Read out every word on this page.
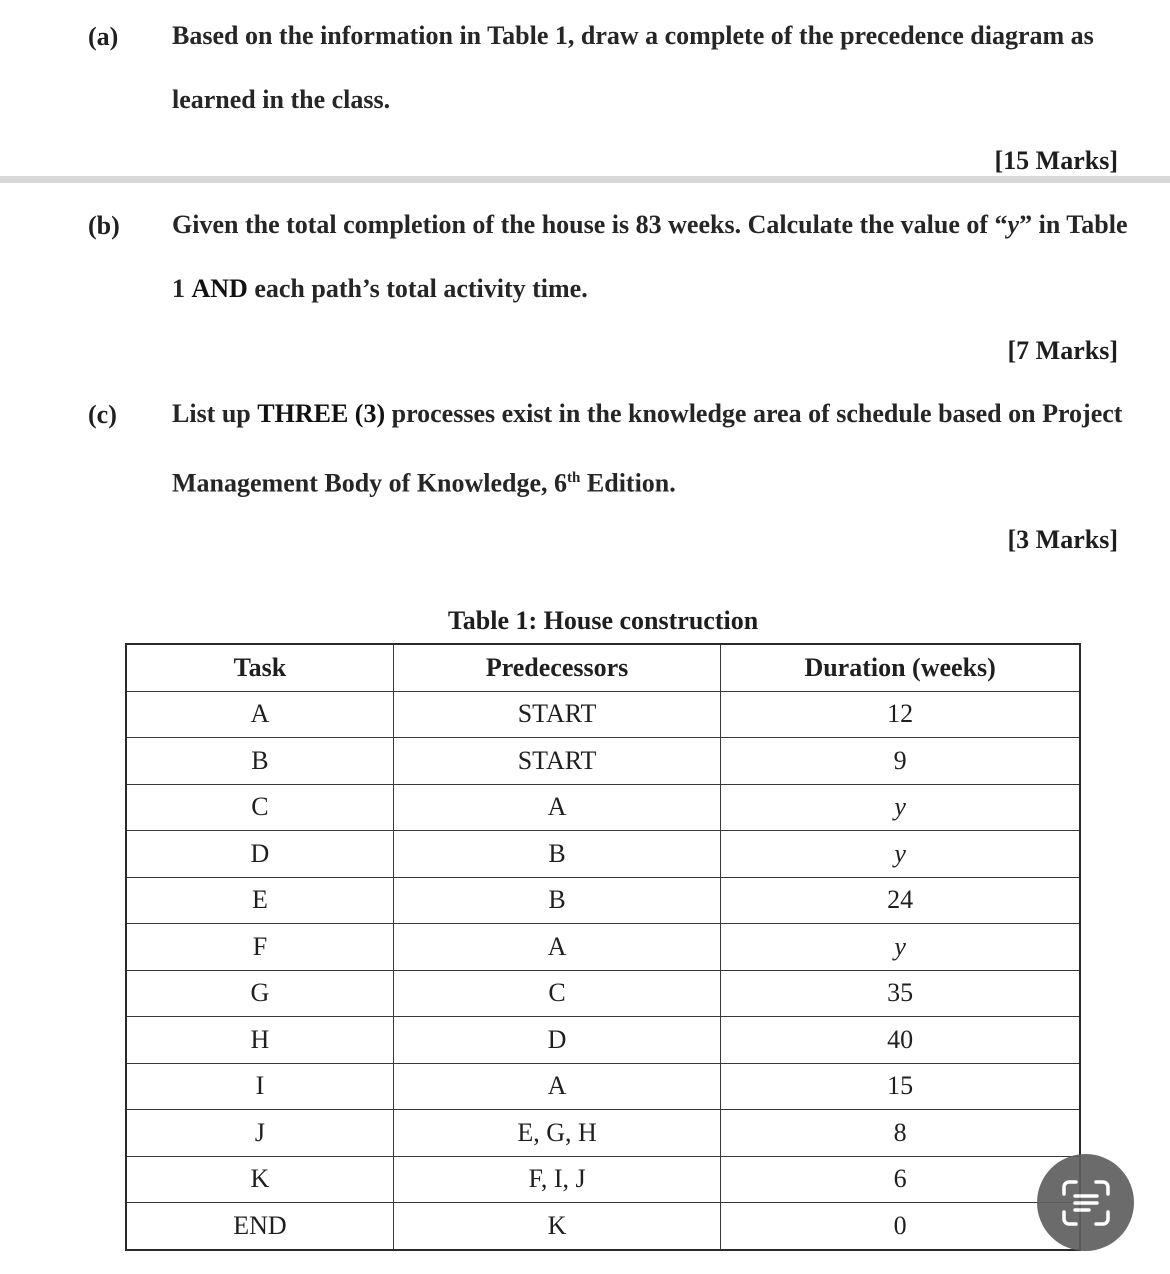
(a) Based on the information in Table 1, draw a complete of the precedence diagram as
learned in the class.
[15 Marks]
(b) Given the total completion of the house is 83 weeks. Calculate the value of “y” in Table
1 AND each path’s total activity time.
[7 Marks]
(c) List up THREE (3) processes exist in the knowledge area of schedule based on Project
Management Body of Knowledge, 6th Edition.
[3 Marks]
Table 1: House construction
Task	Predecessors	Duration (weeks)
A	START	12
B	START	9
C	A	y
D	B	y
E	B	24
F	A	y
G	C	35
H	D	40
I	A	15
J	E, G, H	8
K	F, I, J	6
END	K	0
